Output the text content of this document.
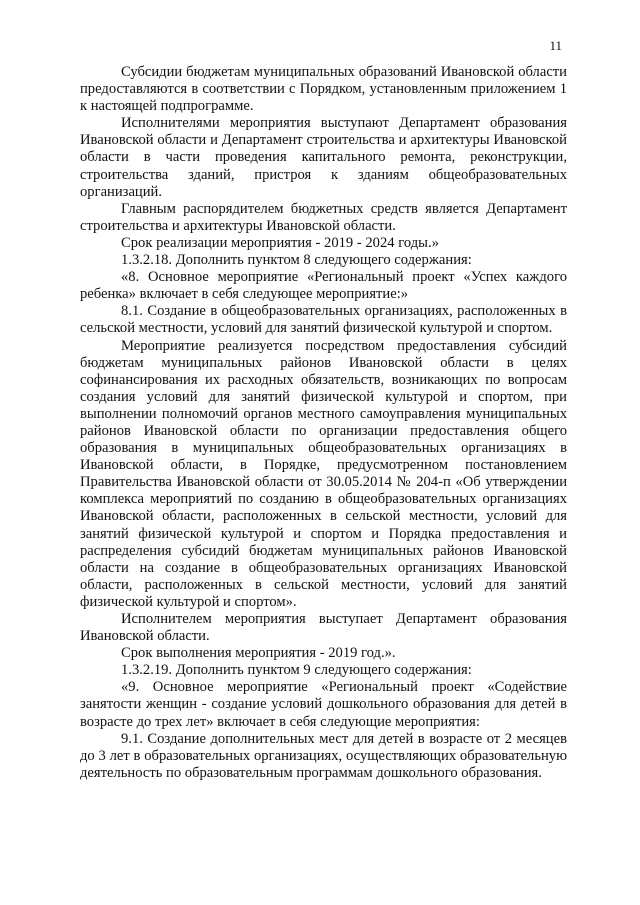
11

Субсидии бюджетам муниципальных образований Ивановской области предоставляются в соответствии с Порядком, установленным приложением 1 к настоящей подпрограмме.

Исполнителями мероприятия выступают Департамент образования Ивановской области и Департамент строительства и архитектуры Ивановской области в части проведения капитального ремонта, реконструкции, строительства зданий, пристроя к зданиям общеобразовательных организаций.

Главным распорядителем бюджетных средств является Департамент строительства и архитектуры Ивановской области.

Срок реализации мероприятия - 2019 - 2024 годы.»

1.3.2.18. Дополнить пунктом 8 следующего содержания:

«8. Основное мероприятие «Региональный проект «Успех каждого ребенка» включает в себя следующее мероприятие:»

8.1. Создание в общеобразовательных организациях, расположенных в сельской местности, условий для занятий физической культурой и спортом.

Мероприятие реализуется посредством предоставления субсидий бюджетам муниципальных районов Ивановской области в целях софинансирования их расходных обязательств, возникающих по вопросам создания условий для занятий физической культурой и спортом, при выполнении полномочий органов местного самоуправления муниципальных районов Ивановской области по организации предоставления общего образования в муниципальных общеобразовательных организациях в Ивановской области, в Порядке, предусмотренном постановлением Правительства Ивановской области от 30.05.2014 № 204-п «Об утверждении комплекса мероприятий по созданию в общеобразовательных организациях Ивановской области, расположенных в сельской местности, условий для занятий физической культурой и спортом и Порядка предоставления и распределения субсидий бюджетам муниципальных районов Ивановской области на создание в общеобразовательных организациях Ивановской области, расположенных в сельской местности, условий для занятий физической культурой и спортом».

Исполнителем мероприятия выступает Департамент образования Ивановской области.

Срок выполнения мероприятия - 2019 год.».

1.3.2.19. Дополнить пунктом 9 следующего содержания:

«9. Основное мероприятие «Региональный проект «Содействие занятости женщин - создание условий дошкольного образования для детей в возрасте до трех лет» включает в себя следующие мероприятия:

9.1. Создание дополнительных мест для детей в возрасте от 2 месяцев до 3 лет в образовательных организациях, осуществляющих образовательную деятельность по образовательным программам дошкольного образования.
